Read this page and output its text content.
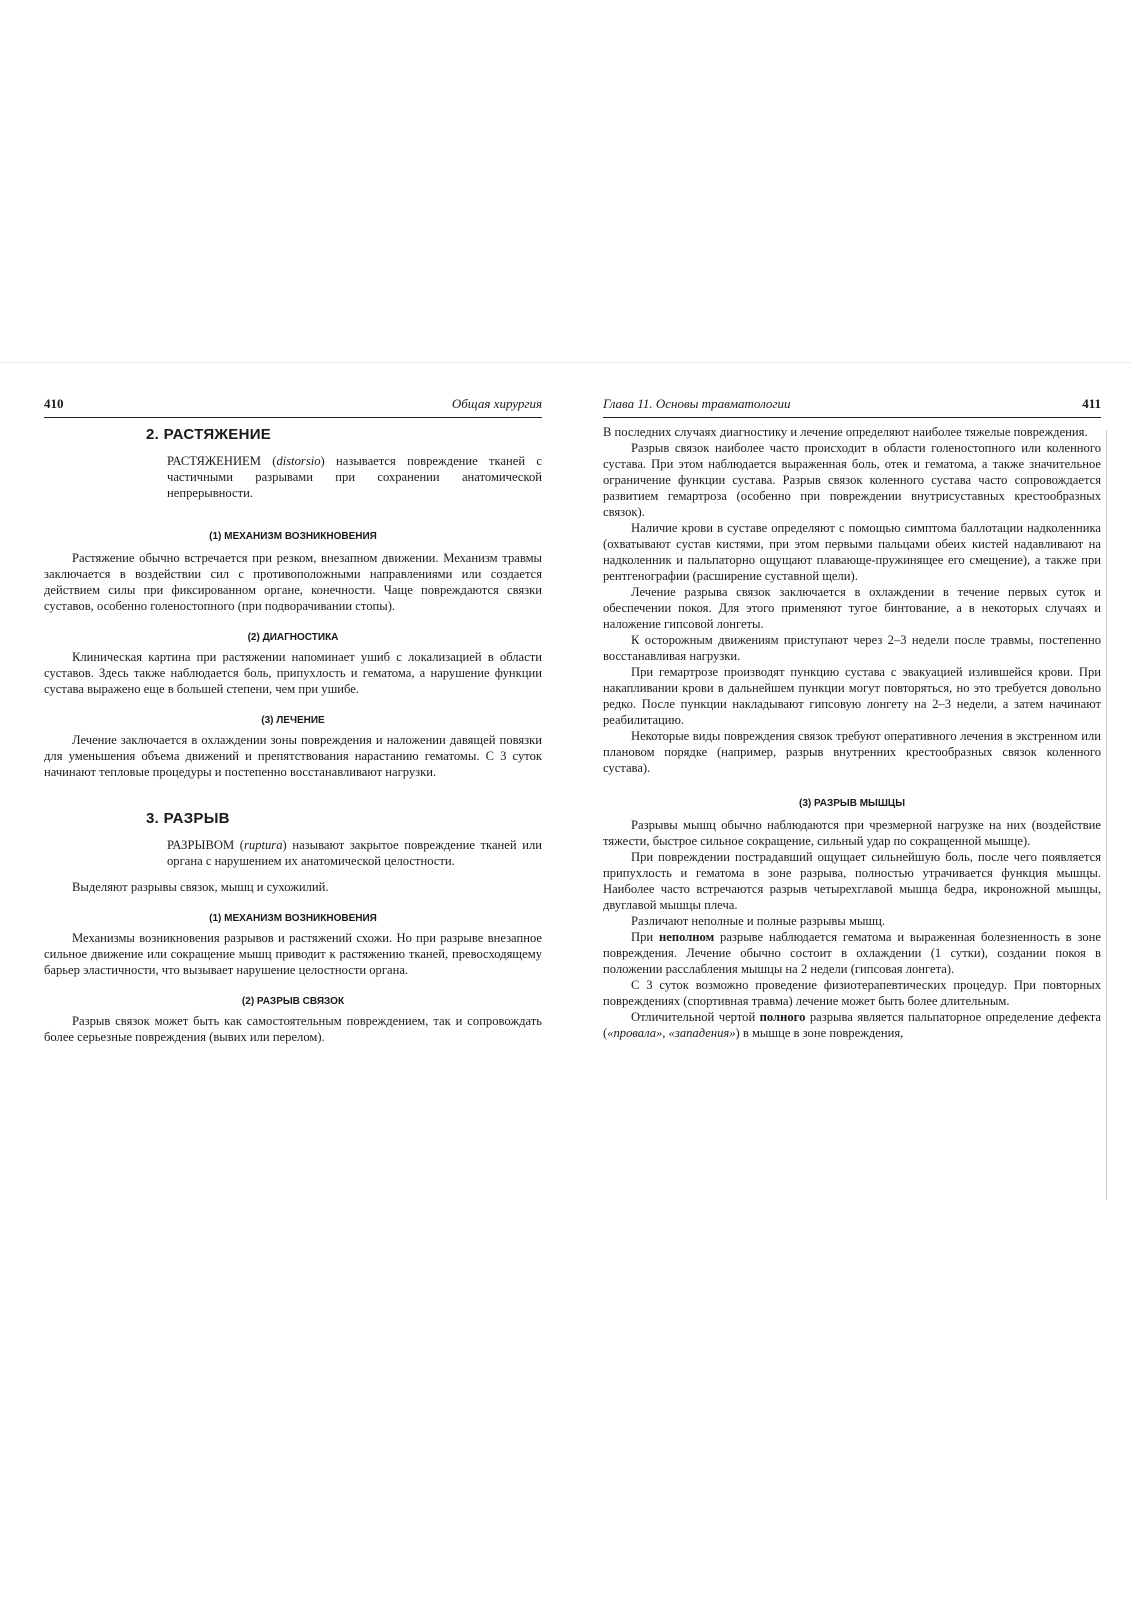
410	Общая хирургия
2. РАСТЯЖЕНИЕ
РАСТЯЖЕНИЕМ (distorsio) называется повреждение тканей с частичными разрывами при сохранении анатомической непрерывности.
(1) МЕХАНИЗМ ВОЗНИКНОВЕНИЯ

Растяжение обычно встречается при резком, внезапном движении. Механизм травмы заключается в воздействии сил с противоположными направлениями или создается действием силы при фиксированном органе, конечности. Чаще повреждаются связки суставов, особенно голеностопного (при подворачивании стопы).

(2) ДИАГНОСТИКА

Клиническая картина при растяжении напоминает ушиб с локализацией в области суставов. Здесь также наблюдается боль, припухлость и гематома, а нарушение функции сустава выражено еще в большей степени, чем при ушибе.

(3) ЛЕЧЕНИЕ

Лечение заключается в охлаждении зоны повреждения и наложении давящей повязки для уменьшения объема движений и препятствования нарастанию гематомы. С 3 суток начинают тепловые процедуры и постепенно восстанавливают нагрузки.

3. РАЗРЫВ
РАЗРЫВОМ (ruptura) называют закрытое повреждение тканей или органа с нарушением их анатомической целостности.

Выделяют разрывы связок, мышц и сухожилий.

(1) МЕХАНИЗМ ВОЗНИКНОВЕНИЯ

Механизмы возникновения разрывов и растяжений схожи. Но при разрыве внезапное сильное движение или сокращение мышц приводит к растяжению тканей, превосходящему барьер эластичности, что вызывает нарушение целостности органа.

(2) РАЗРЫВ СВЯЗОК

Разрыв связок может быть как самостоятельным повреждением, так и сопровождать более серьезные повреждения (вывих или перелом).

Глава 11. Основы травматологии	411

В последних случаях диагностику и лечение определяют наиболее тяжелые повреждения.

Разрыв связок наиболее часто происходит в области голеностопного или коленного сустава. При этом наблюдается выраженная боль, отек и гематома, а также значительное ограничение функции сустава. Разрыв связок коленного сустава часто сопровождается развитием гемартроза (особенно при повреждении внутрисуставных крестообразных связок).

Наличие крови в суставе определяют с помощью симптома баллотации надколенника (охватывают сустав кистями, при этом первыми пальцами обеих кистей надавливают на надколенник и пальпаторно ощущают плавающе-пружинящее его смещение), а также при рентгенографии (расширение суставной щели).

Лечение разрыва связок заключается в охлаждении в течение первых суток и обеспечении покоя. Для этого применяют тугое бинтование, а в некоторых случаях и наложение гипсовой лонгеты.

К осторожным движениям приступают через 2–3 недели после травмы, постепенно восстанавливая нагрузки.

При гемартрозе производят пункцию сустава с эвакуацией излившейся крови. При накапливании крови в дальнейшем пункции могут повторяться, но это требуется довольно редко. После пункции накладывают гипсовую лонгету на 2–3 недели, а затем начинают реабилитацию.

Некоторые виды повреждения связок требуют оперативного лечения в экстренном или плановом порядке (например, разрыв внутренних крестообразных связок коленного сустава).

(3) РАЗРЫВ МЫШЦЫ

Разрывы мышц обычно наблюдаются при чрезмерной нагрузке на них (воздействие тяжести, быстрое сильное сокращение, сильный удар по сокращенной мышце).

При повреждении пострадавший ощущает сильнейшую боль, после чего появляется припухлость и гематома в зоне разрыва, полностью утрачивается функция мышцы. Наиболее часто встречаются разрыв четырехглавой мышца бедра, икроножной мышцы, двуглавой мышцы плеча.

Различают неполные и полные разрывы мышц.

При неполном разрыве наблюдается гематома и выраженная болезненность в зоне повреждения. Лечение обычно состоит в охлаждении (1 сутки), создании покоя в положении расслабления мышцы на 2 недели (гипсовая лонгета).

С 3 суток возможно проведение физиотерапевтических процедур. При повторных повреждениях (спортивная травма) лечение может быть более длительным.

Отличительной чертой полного разрыва является пальпаторное определение дефекта («провала», «западения») в мышце в зоне повреждения,
